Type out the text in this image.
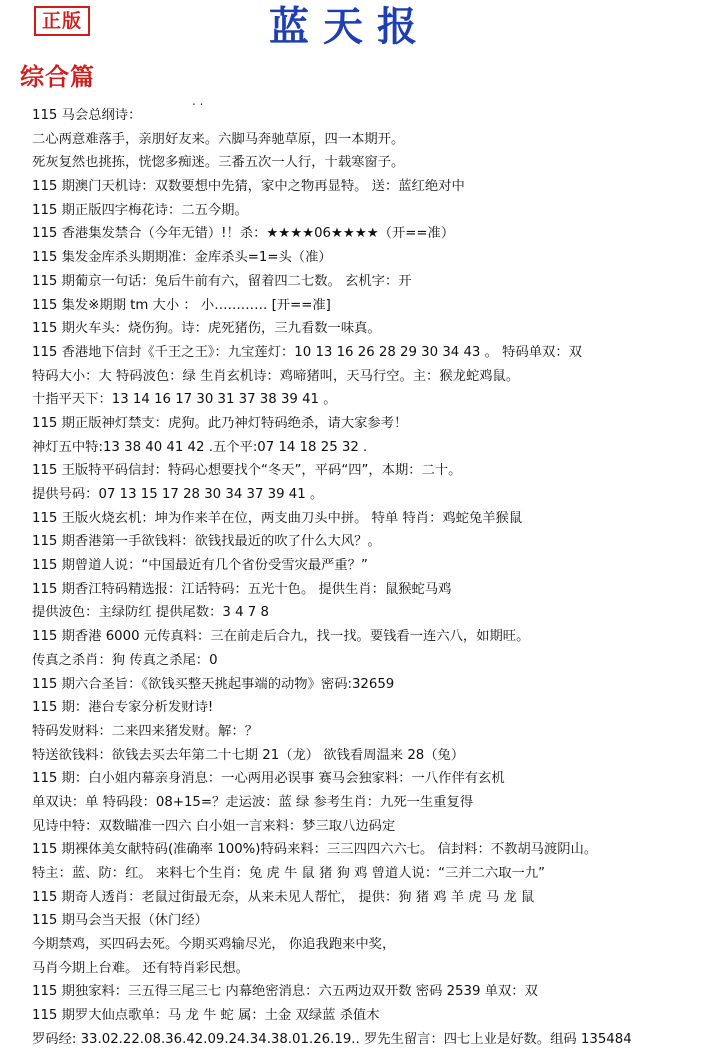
正版	蓝天报
综合篇
. .
115 马会总纲诗：
二心两意难落手，亲朋好友来。六脚马奔驰草原，四一本期开。
死灰复然也挑拣，恍惚多痴迷。三番五次一人行，十载寒窗子。
115 期澳门天机诗：双数要想中先猜，家中之物再显特。 送：蓝红绝对中
115 期正版四字梅花诗：二五今期。
115 香港集发禁合（今年无错）!！杀：★★★★06★★★★（开==准）
115 集发金库杀头期期准：金库杀头=1=头（准）
115 期葡京一句话：兔后牛前有六，留着四二七数。 玄机字：开
115 集发※期期 tm 大小 ： 小………… [开==准]
115 期火车头：烧伤狗。诗：虎死猪伤，三九看数一味真。
115 香港地下信封《千王之王》：九宝莲灯：10 13 16 26 28 29 30 34 43 。 特码单双：双
特码大小：大 特码波色：绿 生肖玄机诗：鸡啼猪叫，天马行空。主：猴龙蛇鸡鼠。
十指平天下：13 14 16 17 30 31 37 38 39 41 。
115 期正版神灯禁支：虎狗。此乃神灯特码绝杀，请大家参考！
神灯五中特:13 38 40 41 42 .五个平:07 14 18 25 32 .
115 王版特平码信封：特码心想要找个“冬天”，平码“四”，本期：二十。
提供号码：07 13 15 17 28 30 34 37 39 41 。
115 王版火烧玄机：坤为作来羊在位，两支曲刀头中拼。 特单 特肖：鸡蛇兔羊猴鼠
115 期香港第一手欲钱料：欲钱找最近的吹了什么大风？。
115 期曾道人说：“中国最近有几个省份受雪灾最严重？”
115 期香江特码精选报：江话特码：五光十色。 提供生肖：鼠猴蛇马鸡
提供波色：主绿防红 提供尾数：3 4 7 8
115 期香港 6000 元传真料：三在前走后合九，找一找。要钱看一连六八，如期旺。
传真之杀肖：狗 传真之杀尾：0
115 期六合圣旨：《欲钱买整天挑起事端的动物》密码:32659
115 期：港台专家分析发财诗!
特码发财料：二来四来猪发财。解：？
特送欲钱料：欲钱去买去年第二十七期 21（龙） 欲钱看周温来 28（兔）
115 期：白小姐内幕亲身消息：一心两用必误事 赛马会独家料：一八作伴有玄机
单双诀：单 特码段：08+15=？走运波：蓝 绿 参考生肖：九死一生重复得
见诗中特：双数瞄准一四六 白小姐一言来料：梦三取八边码定
115 期裸体美女献特码(准确率 100%)特码来料：三三四四六六七。 信封料：不教胡马渡阴山。
特主：蓝、防：红。 来料七个生肖：兔 虎 牛 鼠 猪 狗 鸡 曾道人说：“三并二六取一九”
115 期奇人透肖：老鼠过街最无奈，从来未见人帮忙， 提供：狗 猪 鸡 羊 虎 马 龙 鼠
115 期马会当天报（休门经）
今期禁鸡，买四码去死。今期买鸡输尽光， 你追我跑来中奖，
马肖今期上台难。 还有特肖彩民想。
115 期独家料：三五得三尾三七 内幕绝密消息：六五两边双开数 密码 2539 单双：双
115 期罗大仙点歌单：马 龙 牛 蛇 属：土金 双绿蓝 杀值木
罗码经: 33.02.22.08.36.42.09.24.34.38.01.26.19.. 罗先生留言：四七上业是好数。组码 135484
